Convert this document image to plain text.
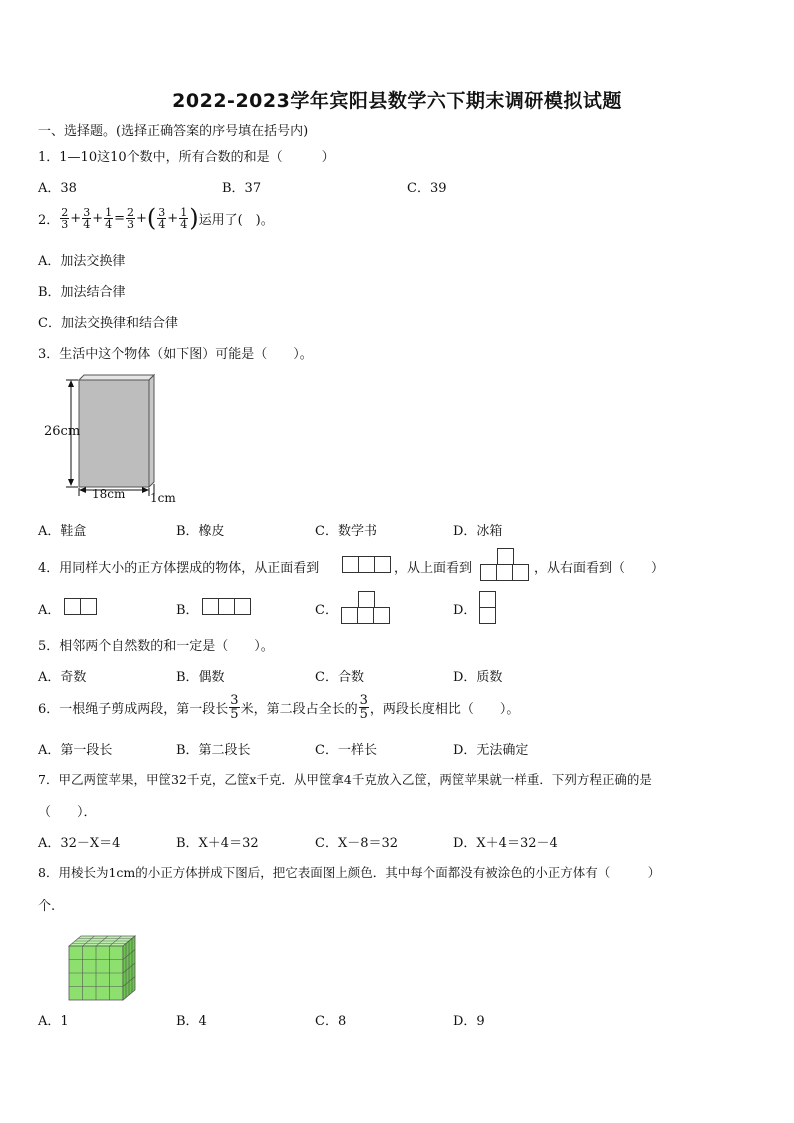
2022-2023学年宾阳县数学六下期末调研模拟试题
一、选择题。(选择正确答案的序号填在括号内)
1．1—10这10个数中，所有合数的和是（　　　）
A．38	B．37	C．39
2． $\frac{2}{3} + \frac{3}{4} + \frac{1}{4} = \frac{2}{3}$ + ( $\frac{3}{4} + \frac{1}{4}$ ) 运用了(　)。
A．加法交换律
B．加法结合律
C．加法交换律和结合律
3．生活中这个物体（如下图）可能是（　　）。
26cm
18cm 1cm
A．鞋盒	B．橡皮	C．数学书	D．冰箱
4．用同样大小的正方体摆成的物体，从正面看到	，从上面看到	，从右面看到（　　）
A．	B．	C．	D．
5．相邻两个自然数的和一定是（　　）。
A．奇数	B．偶数	C．合数	D．质数
6．一根绳子剪成两段，第一段长 $\frac{3}{5}$ 米，第二段占全长的 $\frac{3}{5}$ ，两段长度相比（　　）。
A．第一段长	B．第二段长	C．一样长	D．无法确定
7．甲乙两筐苹果，甲筐32千克，乙筐x千克．从甲筐拿4千克放入乙筐，两筐苹果就一样重．下列方程正确的是
（　　）．
A．32－X＝4	B．X＋4＝32	C．X－8＝32	D．X＋4＝32－4
8．用棱长为1cm的小正方体拼成下图后，把它表面图上颜色．其中每个面都没有被涂色的小正方体有（　　　）
个.
A．1	B．4	C．8	D．9
